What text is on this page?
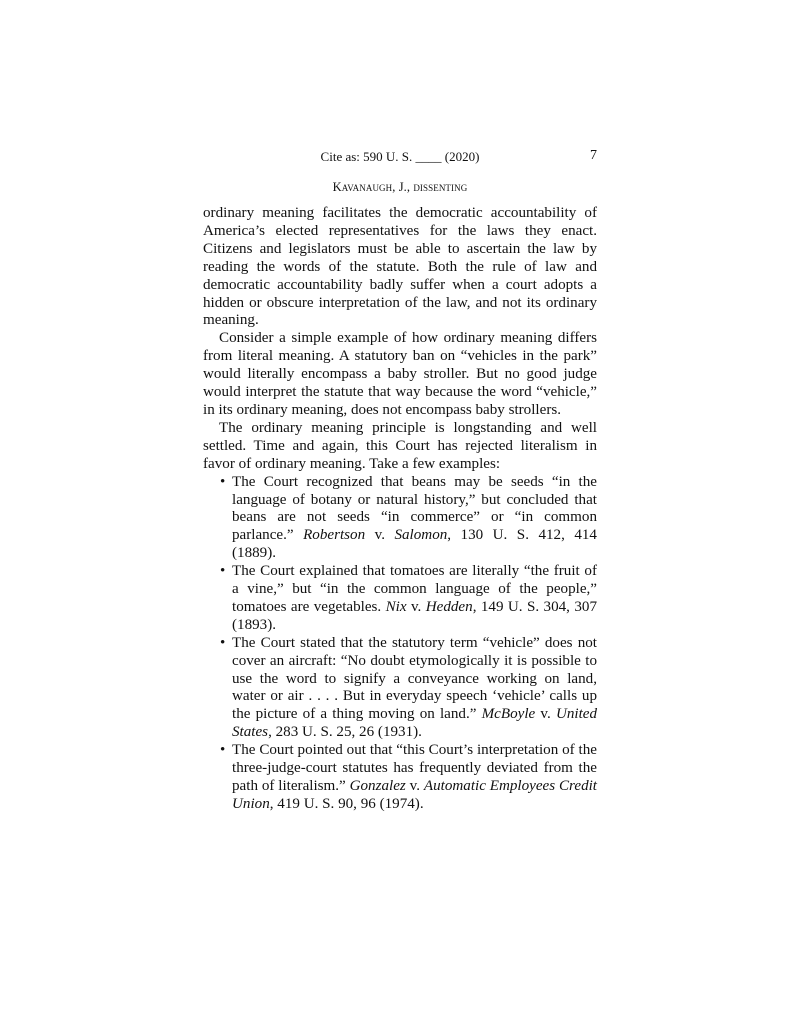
Cite as: 590 U. S. ____ (2020)	7
Kavanaugh, J., dissenting

ordinary meaning facilitates the democratic accountability of America’s elected representatives for the laws they enact. Citizens and legislators must be able to ascertain the law by reading the words of the statute. Both the rule of law and democratic accountability badly suffer when a court adopts a hidden or obscure interpretation of the law, and not its ordinary meaning.

Consider a simple example of how ordinary meaning differs from literal meaning. A statutory ban on “vehicles in the park” would literally encompass a baby stroller. But no good judge would interpret the statute that way because the word “vehicle,” in its ordinary meaning, does not encompass baby strollers.

The ordinary meaning principle is longstanding and well settled. Time and again, this Court has rejected literalism in favor of ordinary meaning. Take a few examples:

• The Court recognized that beans may be seeds “in the language of botany or natural history,” but concluded that beans are not seeds “in commerce” or “in common parlance.” Robertson v. Salomon, 130 U. S. 412, 414 (1889).
• The Court explained that tomatoes are literally “the fruit of a vine,” but “in the common language of the people,” tomatoes are vegetables. Nix v. Hedden, 149 U. S. 304, 307 (1893).
• The Court stated that the statutory term “vehicle” does not cover an aircraft: “No doubt etymologically it is possible to use the word to signify a conveyance working on land, water or air . . . . But in everyday speech ‘vehicle’ calls up the picture of a thing moving on land.” McBoyle v. United States, 283 U. S. 25, 26 (1931).
• The Court pointed out that “this Court’s interpretation of the three-judge-court statutes has frequently deviated from the path of literalism.” Gonzalez v. Automatic Employees Credit Union, 419 U. S. 90, 96 (1974).
